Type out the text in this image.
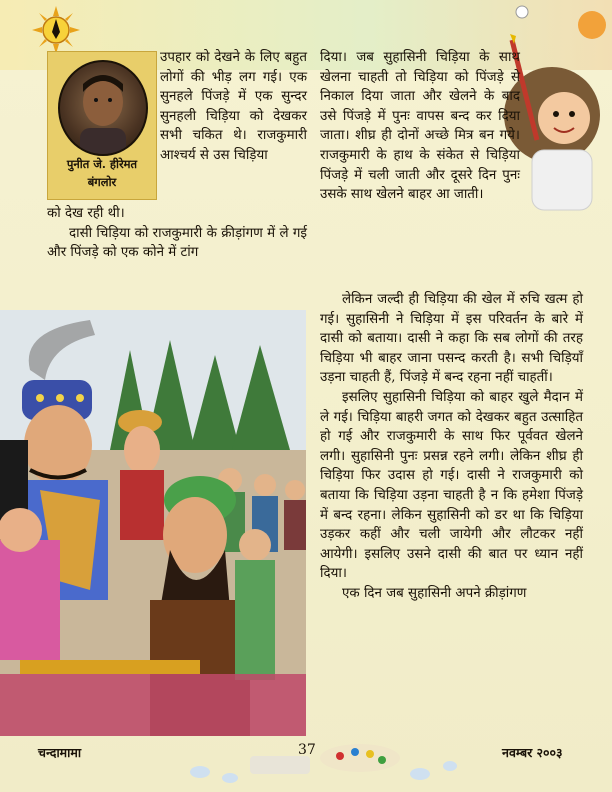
पुनीत जे. हीरेमत
बंगलोर

उपहार को देखने के लिए बहुत लोगों की भीड़ लग गई। एक सुनहले पिंजड़े में एक सुन्दर सुनहली चिड़िया को देखकर सभी चकित थे। राजकुमारी आश्चर्य से उस चिड़िया

को देख रही थी।

दासी चिड़िया को राजकुमारी के क्रीड़ांगण में ले गई और पिंजड़े को एक कोने में टांग

दिया। जब सुहासिनी चिड़िया के साथ खेलना चाहती तो चिड़िया को पिंजड़े से निकाल दिया जाता और खेलने के बाद उसे पिंजड़े में पुनः वापस बन्द कर दिया जाता। शीघ्र ही दोनों अच्छे मित्र बन गये। राजकुमारी के हाथ के संकेत से चिड़िया पिंजड़े में चली जाती और दूसरे दिन पुनः उसके साथ खेलने बाहर आ जाती।

लेकिन जल्दी ही चिड़िया की खेल में रुचि खत्म हो गई। सुहासिनी ने चिड़िया में इस परिवर्तन के बारे में दासी को बताया। दासी ने कहा कि सब लोगों की तरह चिड़िया भी बाहर जाना पसन्द करती है। सभी चिड़ियाँ उड़ना चाहती हैं, पिंजड़े में बन्द रहना नहीं चाहतीं।

इसलिए सुहासिनी चिड़िया को बाहर खुले मैदान में ले गई। चिड़िया बाहरी जगत को देखकर बहुत उत्साहित हो गई और राजकुमारी के साथ फिर पूर्ववत खेलने लगी। सुहासिनी पुनः प्रसन्न रहने लगी। लेकिन शीघ्र ही चिड़िया फिर उदास हो गई। दासी ने राजकुमारी को बताया कि चिड़िया उड़ना चाहती है न कि हमेशा पिंजड़े में बन्द रहना। लेकिन सुहासिनी को डर था कि चिड़िया उड़कर कहीं और चली जायेगी और लौटकर नहीं आयेगी। इसलिए उसने दासी की बात पर ध्यान नहीं दिया।

एक दिन जब सुहासिनी अपने क्रीड़ांगण

चन्दामामा	37	नवम्बर २००३
